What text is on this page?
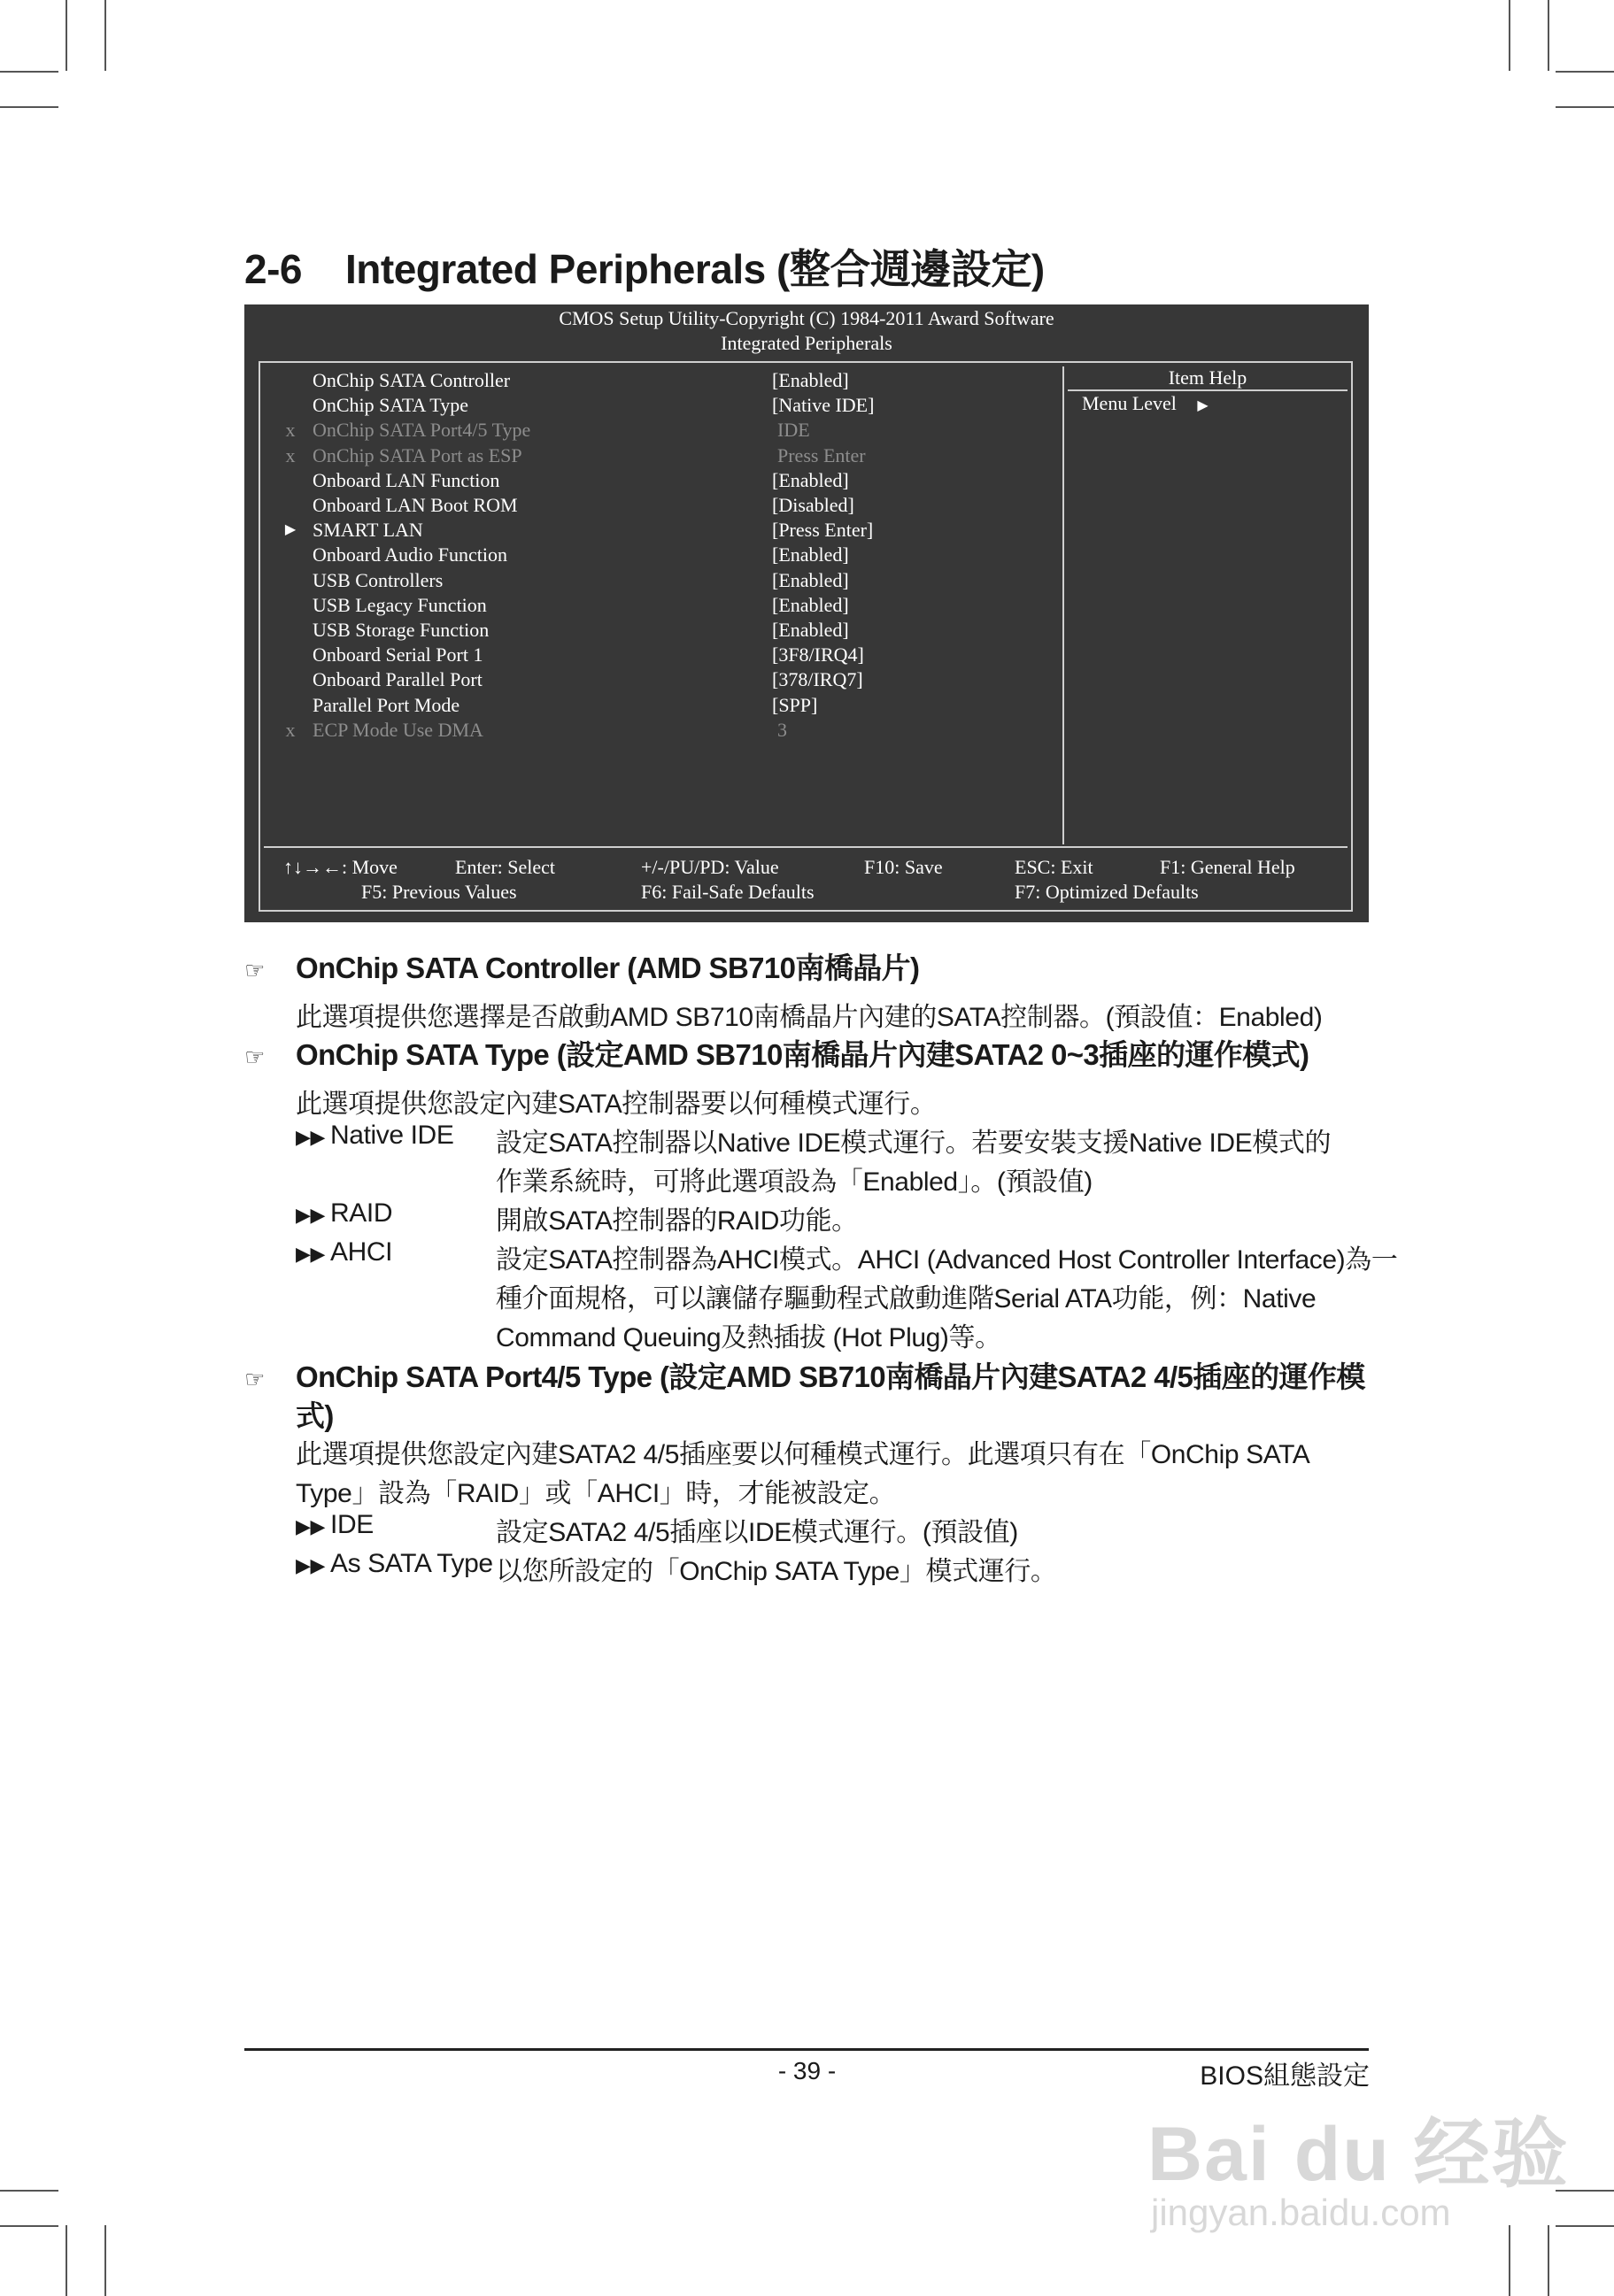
2-6 Integrated Peripherals (整合週邊設定)
CMOS Setup Utility-Copyright (C) 1984-2011 Award Software
Integrated Peripherals
OnChip SATA Controller	[Enabled]
OnChip SATA Type	[Native IDE]
x OnChip SATA Port4/5 Type	IDE
x OnChip SATA Port as ESP	Press Enter
Onboard LAN Function	[Enabled]
Onboard LAN Boot ROM	[Disabled]
▶ SMART LAN	[Press Enter]
Onboard Audio Function	[Enabled]
USB Controllers	[Enabled]
USB Legacy Function	[Enabled]
USB Storage Function	[Enabled]
Onboard Serial Port 1	[3F8/IRQ4]
Onboard Parallel Port	[378/IRQ7]
Parallel Port Mode	[SPP]
x ECP Mode Use DMA	3
Item Help
Menu Level ▶
↑↓→←: Move	Enter: Select	+/-/PU/PD: Value	F10: Save	ESC: Exit	F1: General Help
F5: Previous Values	F6: Fail-Safe Defaults	F7: Optimized Defaults
☞ OnChip SATA Controller (AMD SB710南橋晶片)
此選項提供您選擇是否啟動AMD SB710南橋晶片內建的SATA控制器。(預設值：Enabled)
☞ OnChip SATA Type (設定AMD SB710南橋晶片內建SATA2 0~3插座的運作模式)
此選項提供您設定內建SATA控制器要以何種模式運行。
▶▶ Native IDE 設定SATA控制器以Native IDE模式運行。若要安裝支援Native IDE模式的
作業系統時，可將此選項設為「Enabled」。(預設值)
▶▶ RAID	開啟SATA控制器的RAID功能。
▶▶ AHCI	設定SATA控制器為AHCI模式。AHCI (Advanced Host Controller Interface)為一
種介面規格，可以讓儲存驅動程式啟動進階Serial ATA功能，例：Native
Command Queuing及熱插拔 (Hot Plug)等。
☞ OnChip SATA Port4/5 Type (設定AMD SB710南橋晶片內建SATA2 4/5插座的運作模
式)
此選項提供您設定內建SATA2 4/5插座要以何種模式運行。此選項只有在「OnChip SATA
Type」設為「RAID」或「AHCI」時，才能被設定。
▶▶ IDE	設定SATA2 4/5插座以IDE模式運行。(預設值)
▶▶ As SATA Type 以您所設定的「OnChip SATA Type」模式運行。
- 39 -	BIOS組態設定
Bai du 经验
jingyan.baidu.com
